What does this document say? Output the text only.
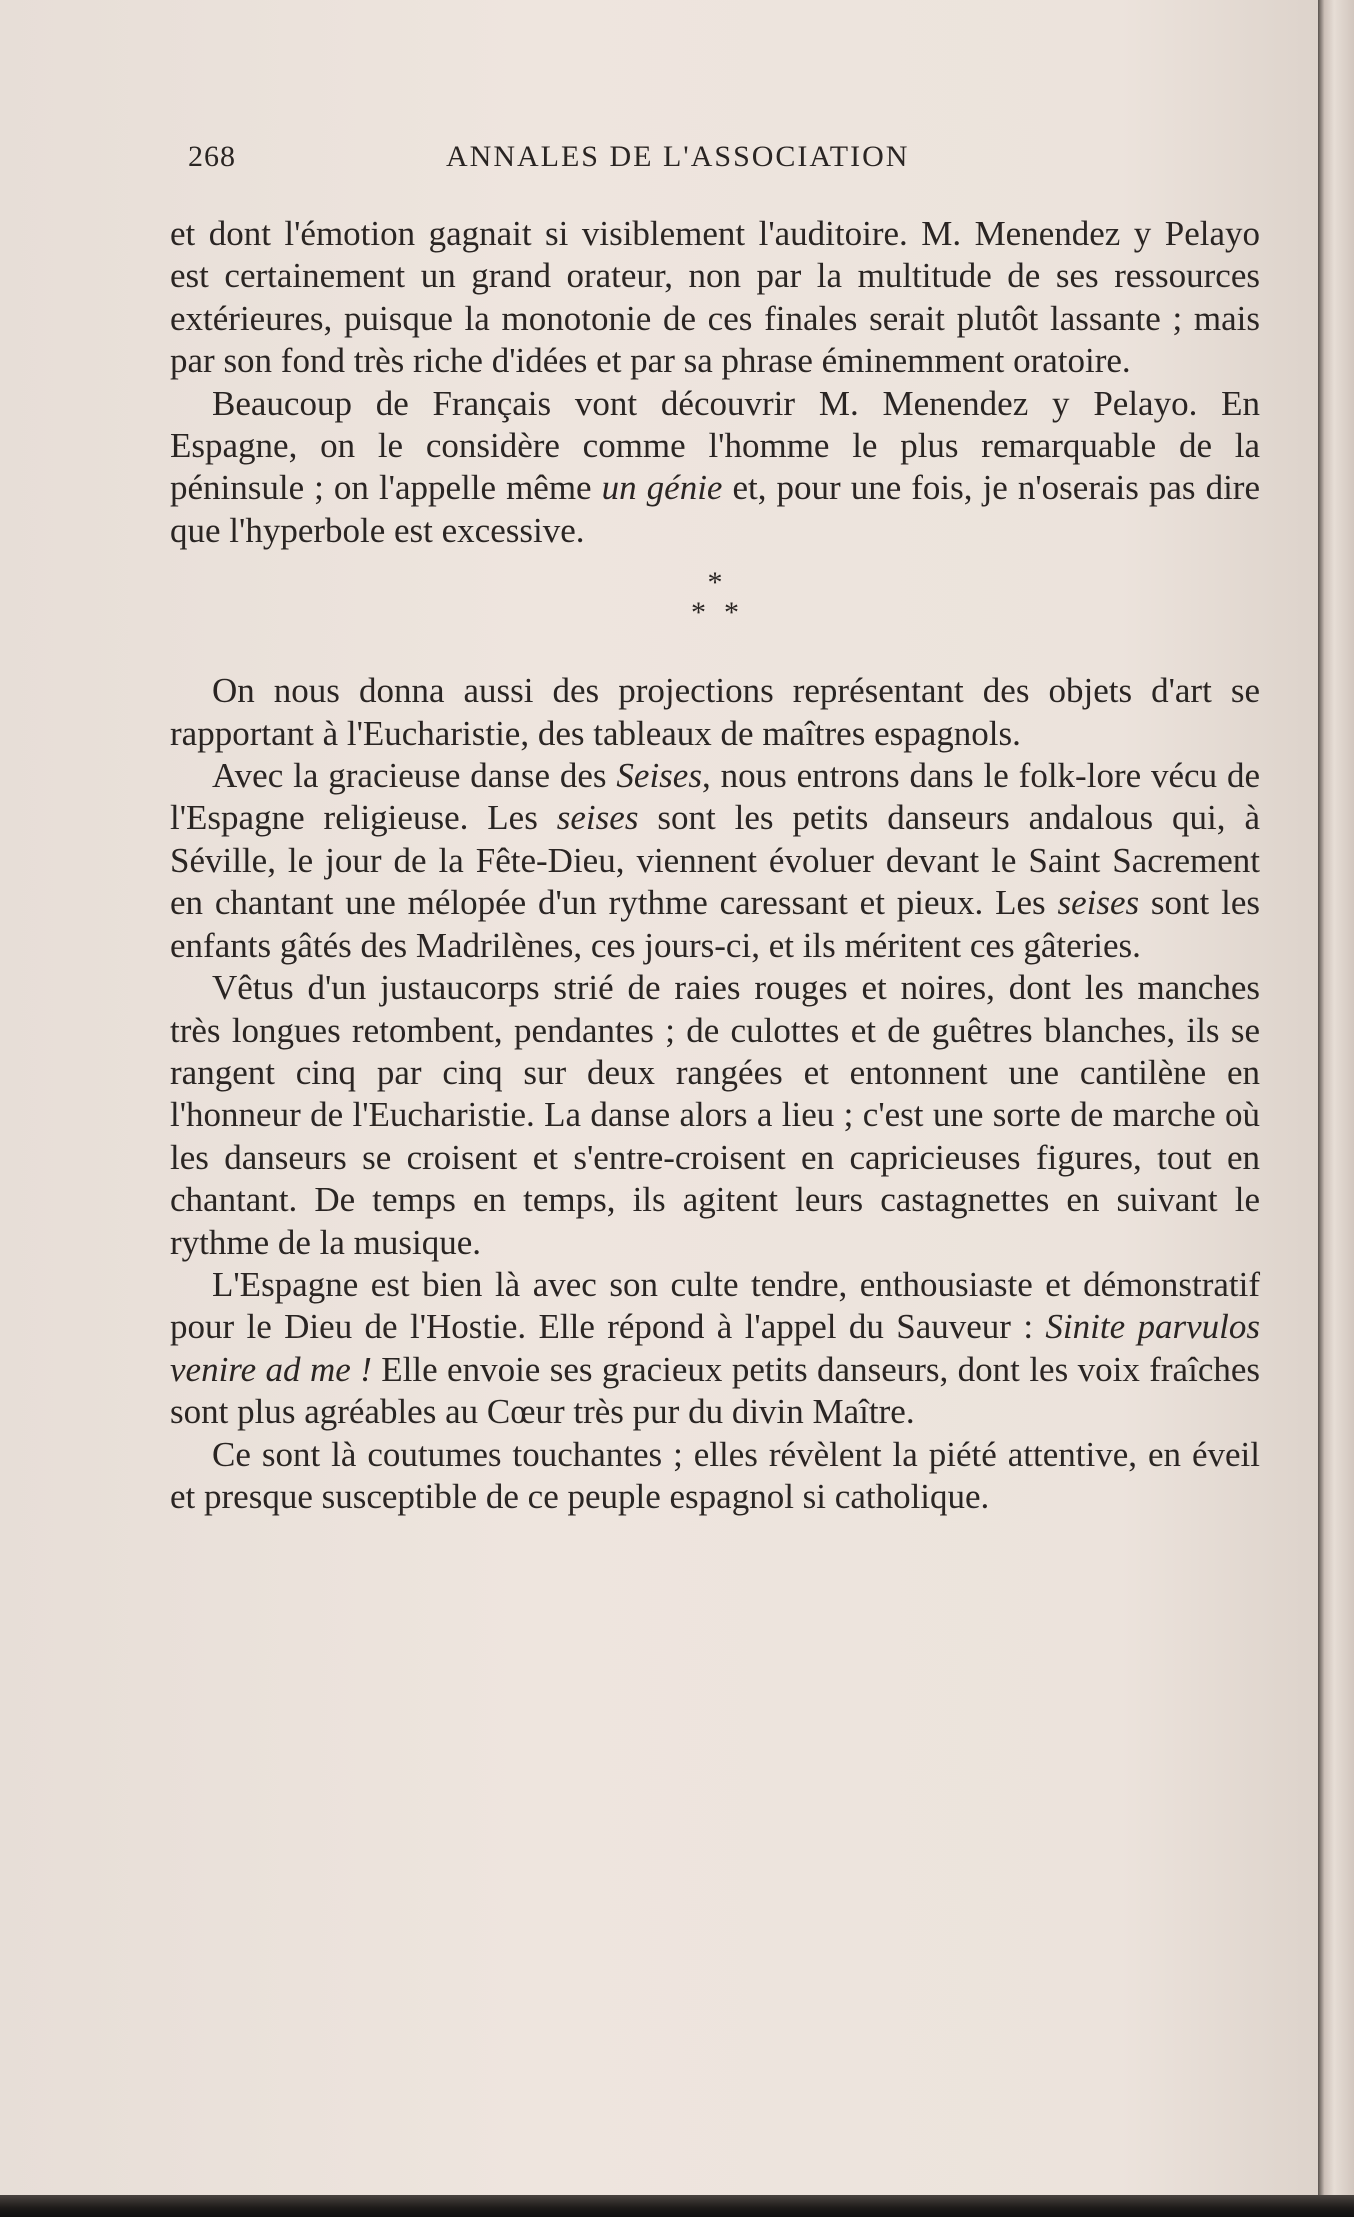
268	ANNALES DE L'ASSOCIATION

et dont l'émotion gagnait si visiblement l'auditoire. M. Menendez y Pelayo est certainement un grand orateur, non par la multitude de ses ressources extérieures, puisque la monotonie de ces finales serait plutôt lassante ; mais par son fond très riche d'idées et par sa phrase éminemment oratoire.

Beaucoup de Français vont découvrir M. Menendez y Pelayo. En Espagne, on le considère comme l'homme le plus remarquable de la péninsule ; on l'appelle même un génie et, pour une fois, je n'oserais pas dire que l'hyperbole est excessive.

*
**

On nous donna aussi des projections représentant des objets d'art se rapportant à l'Eucharistie, des tableaux de maîtres espagnols.

Avec la gracieuse danse des Seises, nous entrons dans le folk-lore vécu de l'Espagne religieuse. Les seises sont les petits danseurs andalous qui, à Séville, le jour de la Fête-Dieu, viennent évoluer devant le Saint Sacrement en chantant une mélopée d'un rythme caressant et pieux. Les seises sont les enfants gâtés des Madrilènes, ces jours-ci, et ils méritent ces gâteries.

Vêtus d'un justaucorps strié de raies rouges et noires, dont les manches très longues retombent, pendantes ; de culottes et de guêtres blanches, ils se rangent cinq par cinq sur deux rangées et entonnent une cantilène en l'honneur de l'Eucharistie. La danse alors a lieu ; c'est une sorte de marche où les danseurs se croisent et s'entre-croisent en capricieuses figures, tout en chantant. De temps en temps, ils agitent leurs castagnettes en suivant le rythme de la musique.

L'Espagne est bien là avec son culte tendre, enthousiaste et démonstratif pour le Dieu de l'Hostie. Elle répond à l'appel du Sauveur : Sinite parvulos venire ad me ! Elle envoie ses gracieux petits danseurs, dont les voix fraîches sont plus agréables au Cœur très pur du divin Maître.

Ce sont là coutumes touchantes ; elles révèlent la piété attentive, en éveil et presque susceptible de ce peuple espagnol si catholique.
